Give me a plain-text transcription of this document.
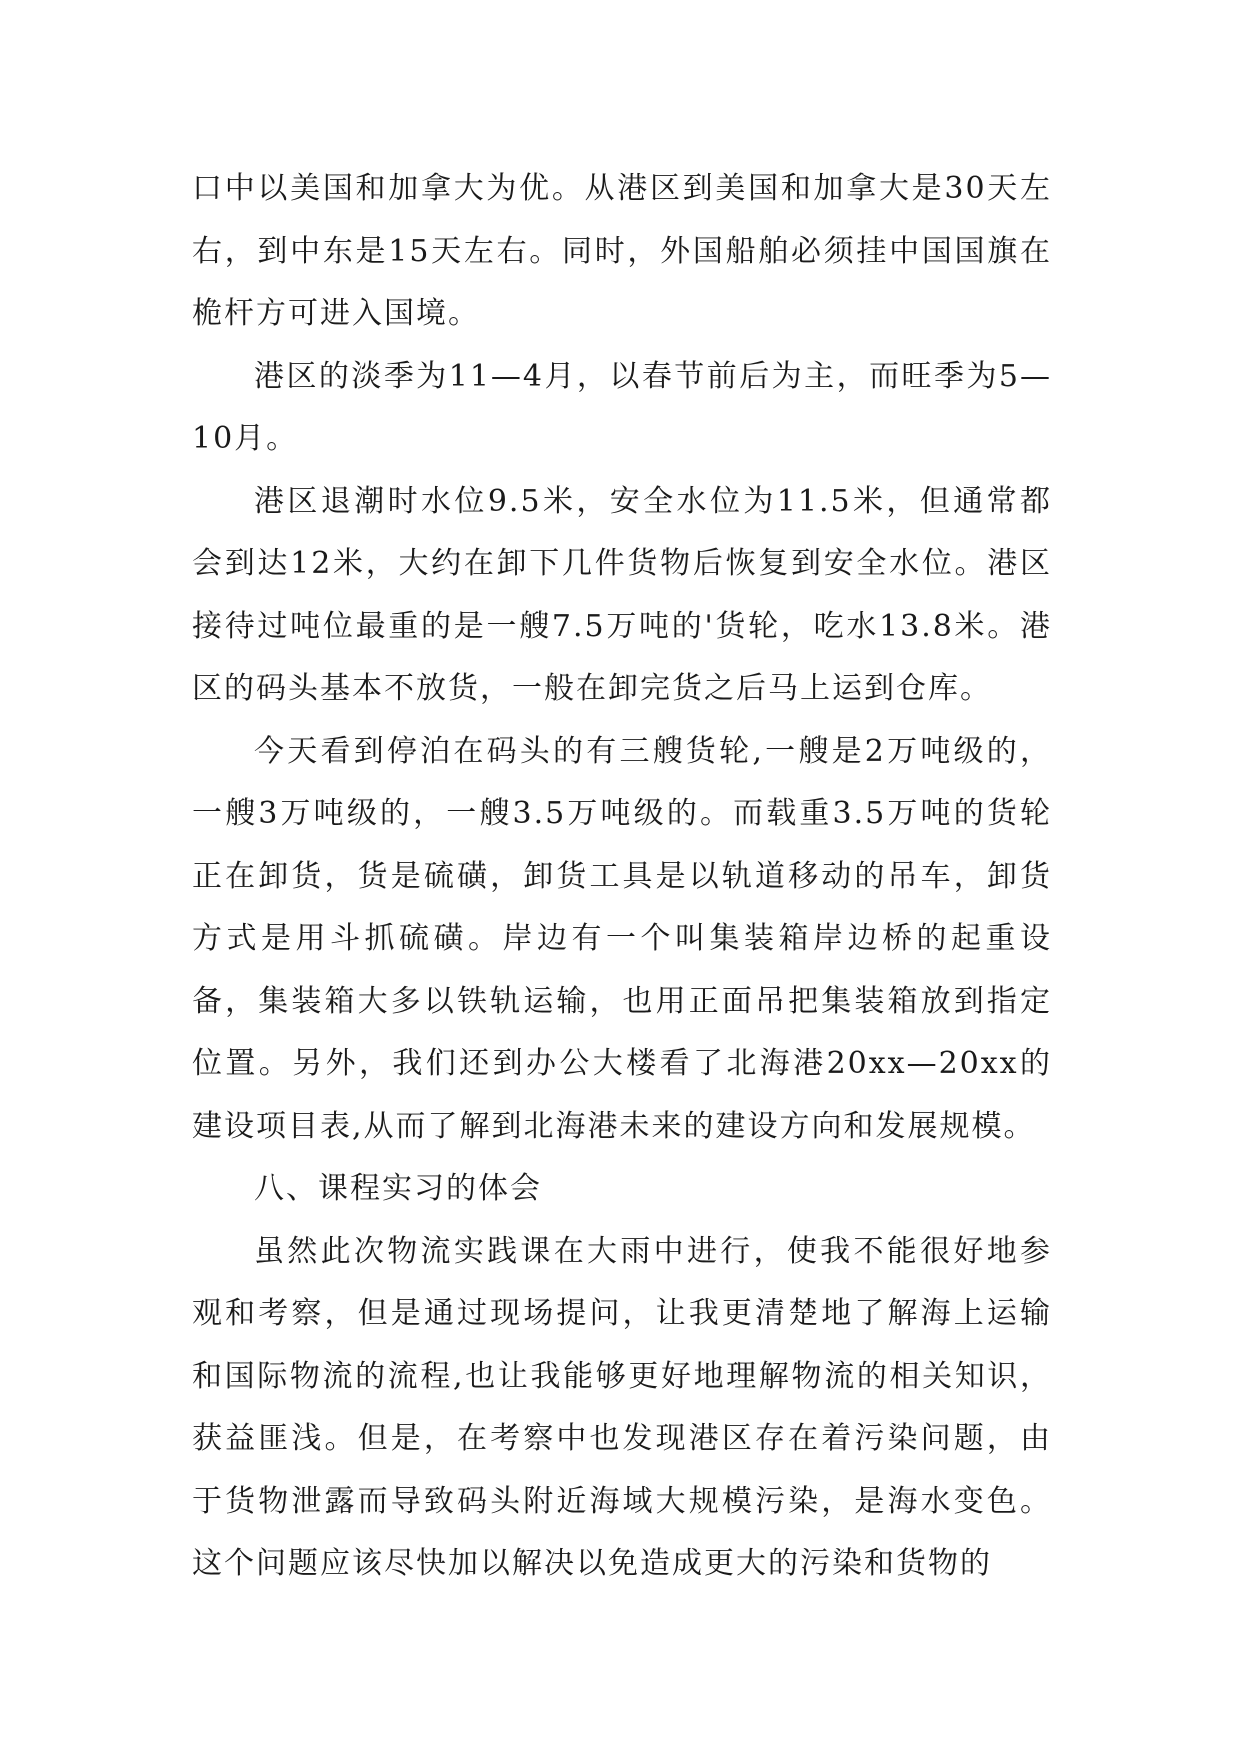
口中以美国和加拿大为优。从港区到美国和加拿大是30天左右，到中东是15天左右。同时，外国船舶必须挂中国国旗在桅杆方可进入国境。

港区的淡季为11—4月，以春节前后为主，而旺季为5—10月。

港区退潮时水位9.5米，安全水位为11.5米，但通常都会到达12米，大约在卸下几件货物后恢复到安全水位。港区接待过吨位最重的是一艘7.5万吨的'货轮，吃水13.8米。港区的码头基本不放货，一般在卸完货之后马上运到仓库。

今天看到停泊在码头的有三艘货轮,一艘是2万吨级的，一艘3万吨级的，一艘3.5万吨级的。而载重3.5万吨的货轮正在卸货，货是硫磺，卸货工具是以轨道移动的吊车，卸货方式是用斗抓硫磺。岸边有一个叫集装箱岸边桥的起重设备，集装箱大多以铁轨运输，也用正面吊把集装箱放到指定位置。另外，我们还到办公大楼看了北海港20xx—20xx的建设项目表,从而了解到北海港未来的建设方向和发展规模。

八、课程实习的体会

虽然此次物流实践课在大雨中进行，使我不能很好地参观和考察，但是通过现场提问，让我更清楚地了解海上运输和国际物流的流程,也让我能够更好地理解物流的相关知识，获益匪浅。但是，在考察中也发现港区存在着污染问题，由于货物泄露而导致码头附近海域大规模污染，是海水变色。这个问题应该尽快加以解决以免造成更大的污染和货物的
